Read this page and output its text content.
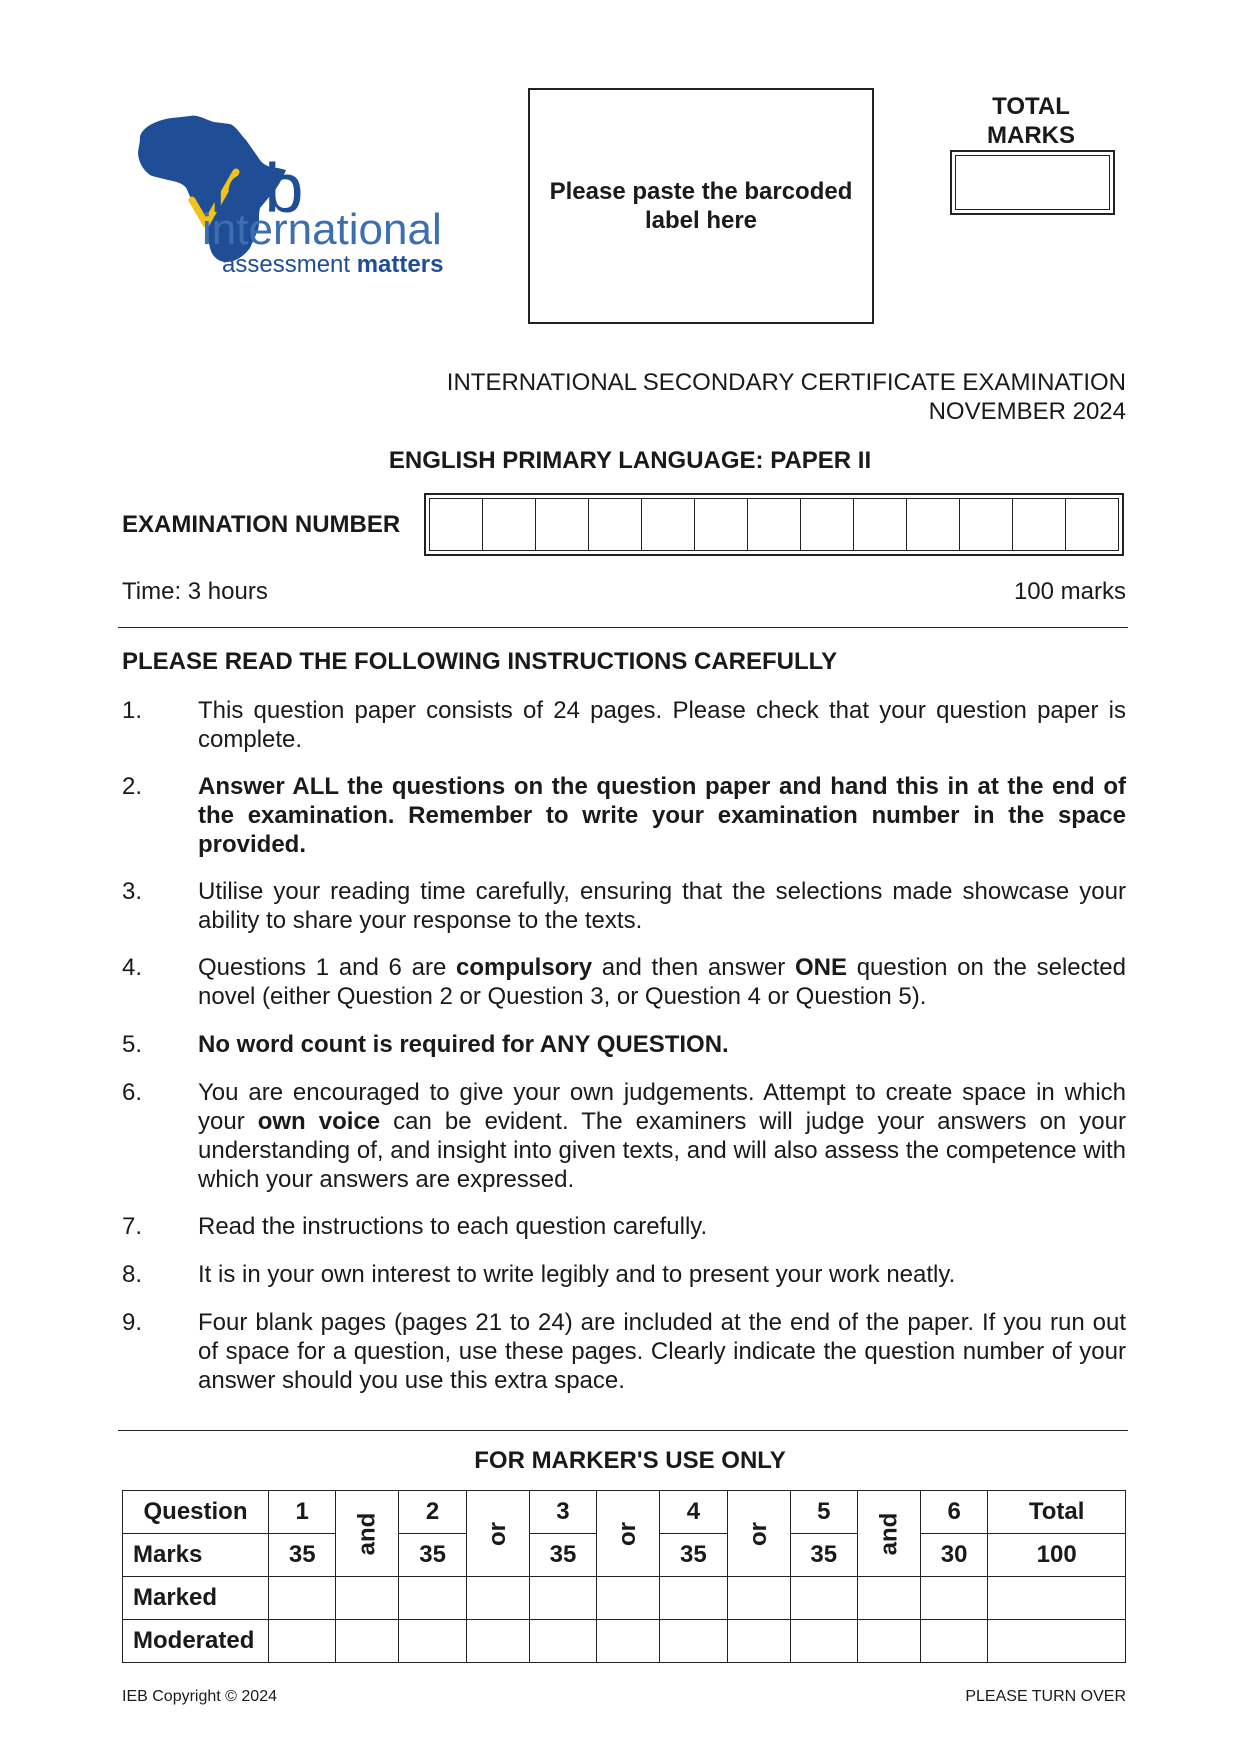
ieb
international
assessment matters
Please paste the barcoded label here
TOTAL
MARKS
INTERNATIONAL SECONDARY CERTIFICATE EXAMINATION
NOVEMBER 2024
ENGLISH PRIMARY LANGUAGE: PAPER II
EXAMINATION NUMBER
Time: 3 hours	100 marks
PLEASE READ THE FOLLOWING INSTRUCTIONS CAREFULLY
1. This question paper consists of 24 pages. Please check that your question paper is complete.
2. Answer ALL the questions on the question paper and hand this in at the end of the examination. Remember to write your examination number in the space provided.
3. Utilise your reading time carefully, ensuring that the selections made showcase your ability to share your response to the texts.
4. Questions 1 and 6 are compulsory and then answer ONE question on the selected novel (either Question 2 or Question 3, or Question 4 or Question 5).
5. No word count is required for ANY QUESTION.
6. You are encouraged to give your own judgements. Attempt to create space in which your own voice can be evident. The examiners will judge your answers on your understanding of, and insight into given texts, and will also assess the competence with which your answers are expressed.
7. Read the instructions to each question carefully.
8. It is in your own interest to write legibly and to present your work neatly.
9. Four blank pages (pages 21 to 24) are included at the end of the paper. If you run out of space for a question, use these pages. Clearly indicate the question number of your answer should you use this extra space.
FOR MARKER'S USE ONLY
Question	1	and	2	or	3	or	4	or	5	and	6	Total
Marks	35		35		35		35		35		30	100
Marked												
Moderated												
IEB Copyright © 2024	PLEASE TURN OVER
